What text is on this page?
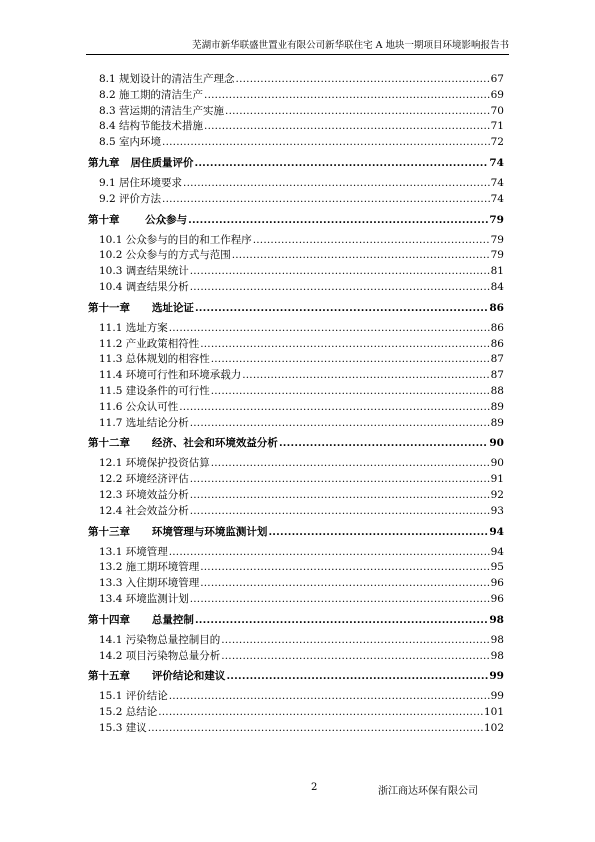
芜湖市新华联盛世置业有限公司新华联住宅 A 地块一期项目环境影响报告书
8.1 规划设计的清洁生产理念 .....	67
8.2 施工期的清洁生产 .....	69
8.3 营运期的清洁生产实施 .....	70
8.4 结构节能技术措施 .....	71
8.5 室内环境 .....	72
第九章   居住质量评价 .....	74
9.1 居住环境要求 .....	74
9.2 评价方法 .....	74
第十章       公众参与 .....	79
10.1 公众参与的目的和工作程序 .....	79
10.2 公众参与的方式与范围 .....	79
10.3 调查结果统计 .....	81
10.4 调查结果分析 .....	84
第十一章      选址论证 .....	86
11.1 选址方案 .....	86
11.2 产业政策相符性 .....	86
11.3 总体规划的相容性 .....	87
11.4 环境可行性和环境承载力 .....	87
11.5 建设条件的可行性 .....	88
11.6 公众认可性 .....	89
11.7 选址结论分析 .....	89
第十二章      经济、社会和环境效益分析 .....	90
12.1 环境保护投资估算 .....	90
12.2 环境经济评估 .....	91
12.3 环境效益分析 .....	92
12.4 社会效益分析 .....	93
第十三章      环境管理与环境监测计划 .....	94
13.1 环境管理 .....	94
13.2 施工期环境管理 .....	95
13.3 入住期环境管理 .....	96
13.4 环境监测计划 .....	96
第十四章      总量控制 .....	98
14.1 污染物总量控制目的 .....	98
14.2 项目污染物总量分析 .....	98
第十五章      评价结论和建议 .....	99
15.1 评价结论 .....	99
15.2 总结论 .....	101
15.3 建议 .....	102
2	浙江商达环保有限公司
